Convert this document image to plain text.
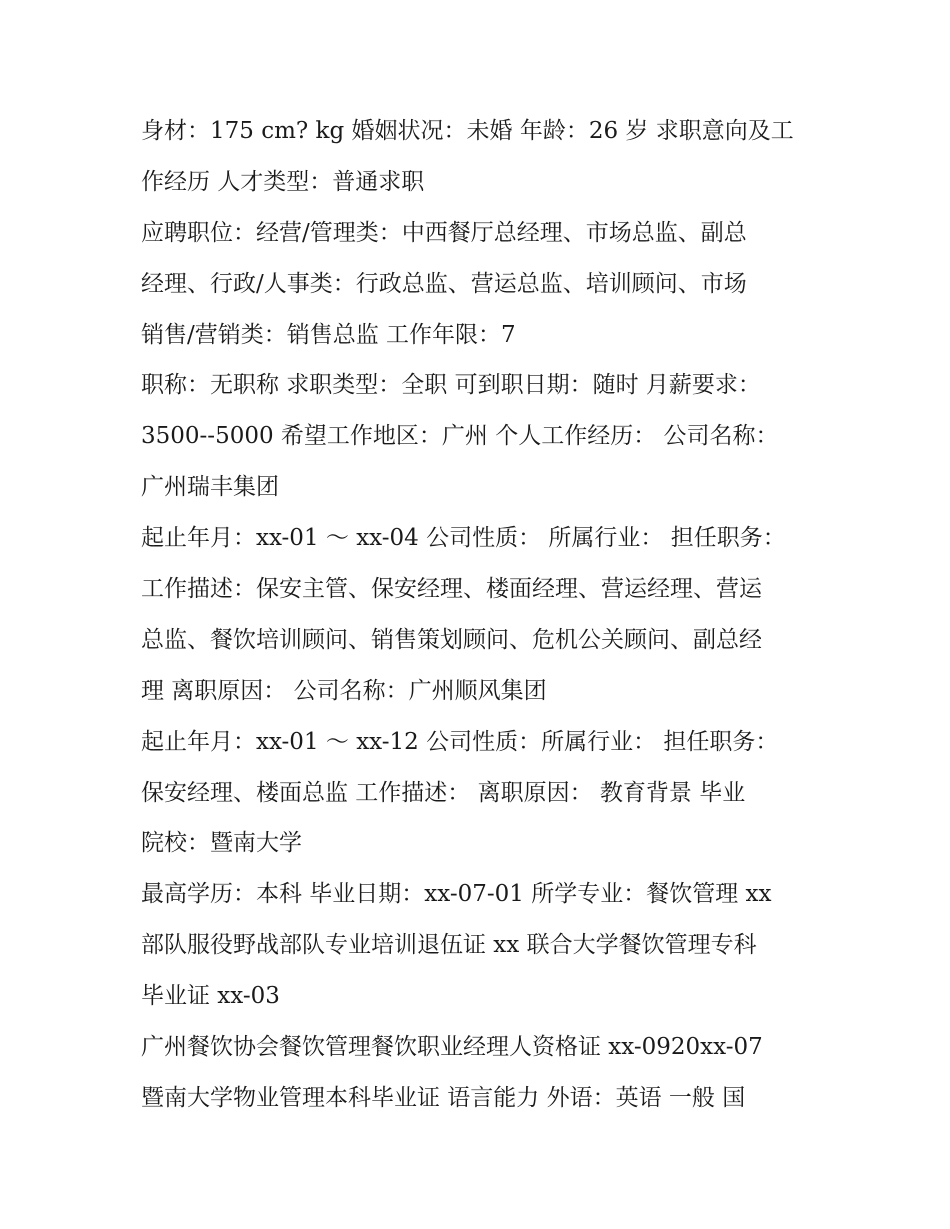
身材：175 cm? kg 婚姻状况：未婚 年龄：26 岁 求职意向及工
作经历 人才类型：普通求职
应聘职位：经营/管理类：中西餐厅总经理、市场总监、副总
经理、行政/人事类：行政总监、营运总监、培训顾问、市场
销售/营销类：销售总监 工作年限：7
职称：无职称 求职类型：全职 可到职日期：随时 月薪要求：
3500--5000 希望工作地区：广州 个人工作经历： 公司名称：
广州瑞丰集团
起止年月：xx-01 ～ xx-04 公司性质： 所属行业： 担任职务：
工作描述：保安主管、保安经理、楼面经理、营运经理、营运
总监、餐饮培训顾问、销售策划顾问、危机公关顾问、副总经
理 离职原因： 公司名称：广州顺风集团
起止年月：xx-01 ～ xx-12 公司性质：所属行业： 担任职务：
保安经理、楼面总监 工作描述： 离职原因： 教育背景 毕业
院校：暨南大学
最高学历：本科 毕业日期：xx-07-01 所学专业：餐饮管理 xx
部队服役野战部队专业培训退伍证 xx 联合大学餐饮管理专科
毕业证 xx-03
广州餐饮协会餐饮管理餐饮职业经理人资格证 xx-0920xx-07
暨南大学物业管理本科毕业证 语言能力 外语：英语 一般 国
